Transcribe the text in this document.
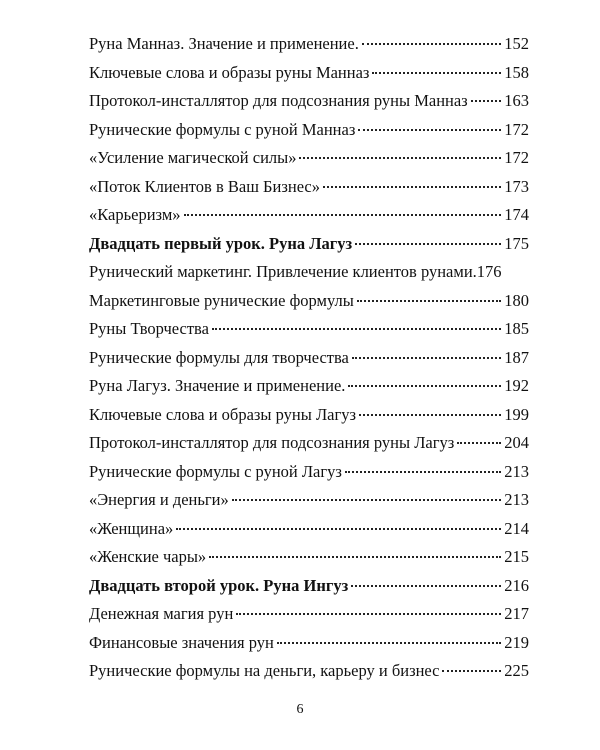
Руна Манназ. Значение и применение.	152
Ключевые слова и образы руны Манназ	158
Протокол-инсталлятор для подсознания руны Манназ 163
Рунические формулы с руной Манназ	172
«Усиление магической силы»	172
«Поток Клиентов в Ваш Бизнес»	173
«Карьеризм»	174
Двадцать первый урок. Руна Лагуз	175
Рунический маркетинг. Привлечение клиентов рунами. 176
Маркетинговые рунические формулы	180
Руны Творчества	185
Рунические формулы для творчества	187
Руна Лагуз. Значение и применение.	192
Ключевые слова и образы руны Лагуз	199
Протокол-инсталлятор для подсознания руны Лагуз	204
Рунические формулы с руной Лагуз	213
«Энергия и деньги»	213
«Женщина»	214
«Женские чары»	215
Двадцать второй урок. Руна Ингуз	216
Денежная магия рун	217
Финансовые значения рун	219
Рунические формулы на деньги, карьеру и бизнес	225
6
